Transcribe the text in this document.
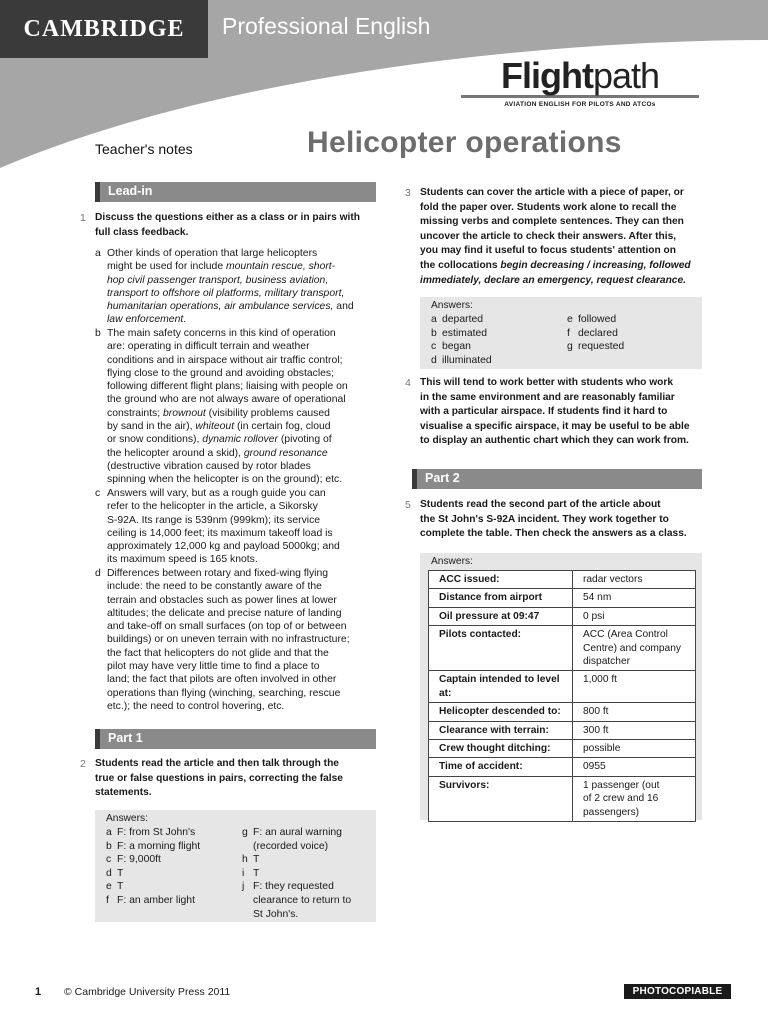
CAMBRIDGE	Professional English
Flightpath
AVIATION ENGLISH FOR PILOTS AND ATCOs
Teacher's notes	Helicopter operations
Lead-in
1 Discuss the questions either as a class or in pairs with
full class feedback.
a Other kinds of operation that large helicopters
might be used for include mountain rescue, short-
hop civil passenger transport, business aviation,
transport to offshore oil platforms, military transport,
humanitarian operations, air ambulance services, and
law enforcement.
b The main safety concerns in this kind of operation
are: operating in difficult terrain and weather
conditions and in airspace without air traffic control;
flying close to the ground and avoiding obstacles;
following different flight plans; liaising with people on
the ground who are not always aware of operational
constraints; brownout (visibility problems caused
by sand in the air), whiteout (in certain fog, cloud
or snow conditions), dynamic rollover (pivoting of
the helicopter around a skid), ground resonance
(destructive vibration caused by rotor blades
spinning when the helicopter is on the ground); etc.
c Answers will vary, but as a rough guide you can
refer to the helicopter in the article, a Sikorsky
S-92A. Its range is 539nm (999km); its service
ceiling is 14,000 feet; its maximum takeoff load is
approximately 12,000 kg and payload 5000kg; and
its maximum speed is 165 knots.
d Differences between rotary and fixed-wing flying
include: the need to be constantly aware of the
terrain and obstacles such as power lines at lower
altitudes; the delicate and precise nature of landing
and take-off on small surfaces (on top of or between
buildings) or on uneven terrain with no infrastructure;
the fact that helicopters do not glide and that the
pilot may have very little time to find a place to
land; the fact that pilots are often involved in other
operations than flying (winching, searching, rescue
etc.); the need to control hovering, etc.
Part 1
2 Students read the article and then talk through the
true or false questions in pairs, correcting the false
statements.
Answers:
a F: from St John's
b F: a morning flight
c F: 9,000ft
d T
e T
f F: an amber light
g F: an aural warning
(recorded voice)
h T
i T
j F: they requested
clearance to return to
St John's.
3 Students can cover the article with a piece of paper, or
fold the paper over. Students work alone to recall the
missing verbs and complete sentences. They can then
uncover the article to check their answers. After this,
you may find it useful to focus students' attention on
the collocations begin decreasing / increasing, followed
immediately, declare an emergency, request clearance.
Answers:
a departed
b estimated
c began
d illuminated
e followed
f declared
g requested
4 This will tend to work better with students who work
in the same environment and are reasonably familiar
with a particular airspace. If students find it hard to
visualise a specific airspace, it may be useful to be able
to display an authentic chart which they can work from.
Part 2
5 Students read the second part of the article about
the St John's S-92A incident. They work together to
complete the table. Then check the answers as a class.
Answers:
ACC issued:	radar vectors

Distance from airport	54 nm

Oil pressure at 09:47	0 psi

Pilots contacted:	ACC (Area Control
Centre) and company
dispatcher

Captain intended to level at:	1,000 ft

Helicopter descended to:	800 ft

Clearance with terrain:	300 ft

Crew thought ditching:	possible

Time of accident:	0955

Survivors:	1 passenger (out
of 2 crew and 16
passengers)
1 © Cambridge University Press 2011	PHOTOCOPIABLE
